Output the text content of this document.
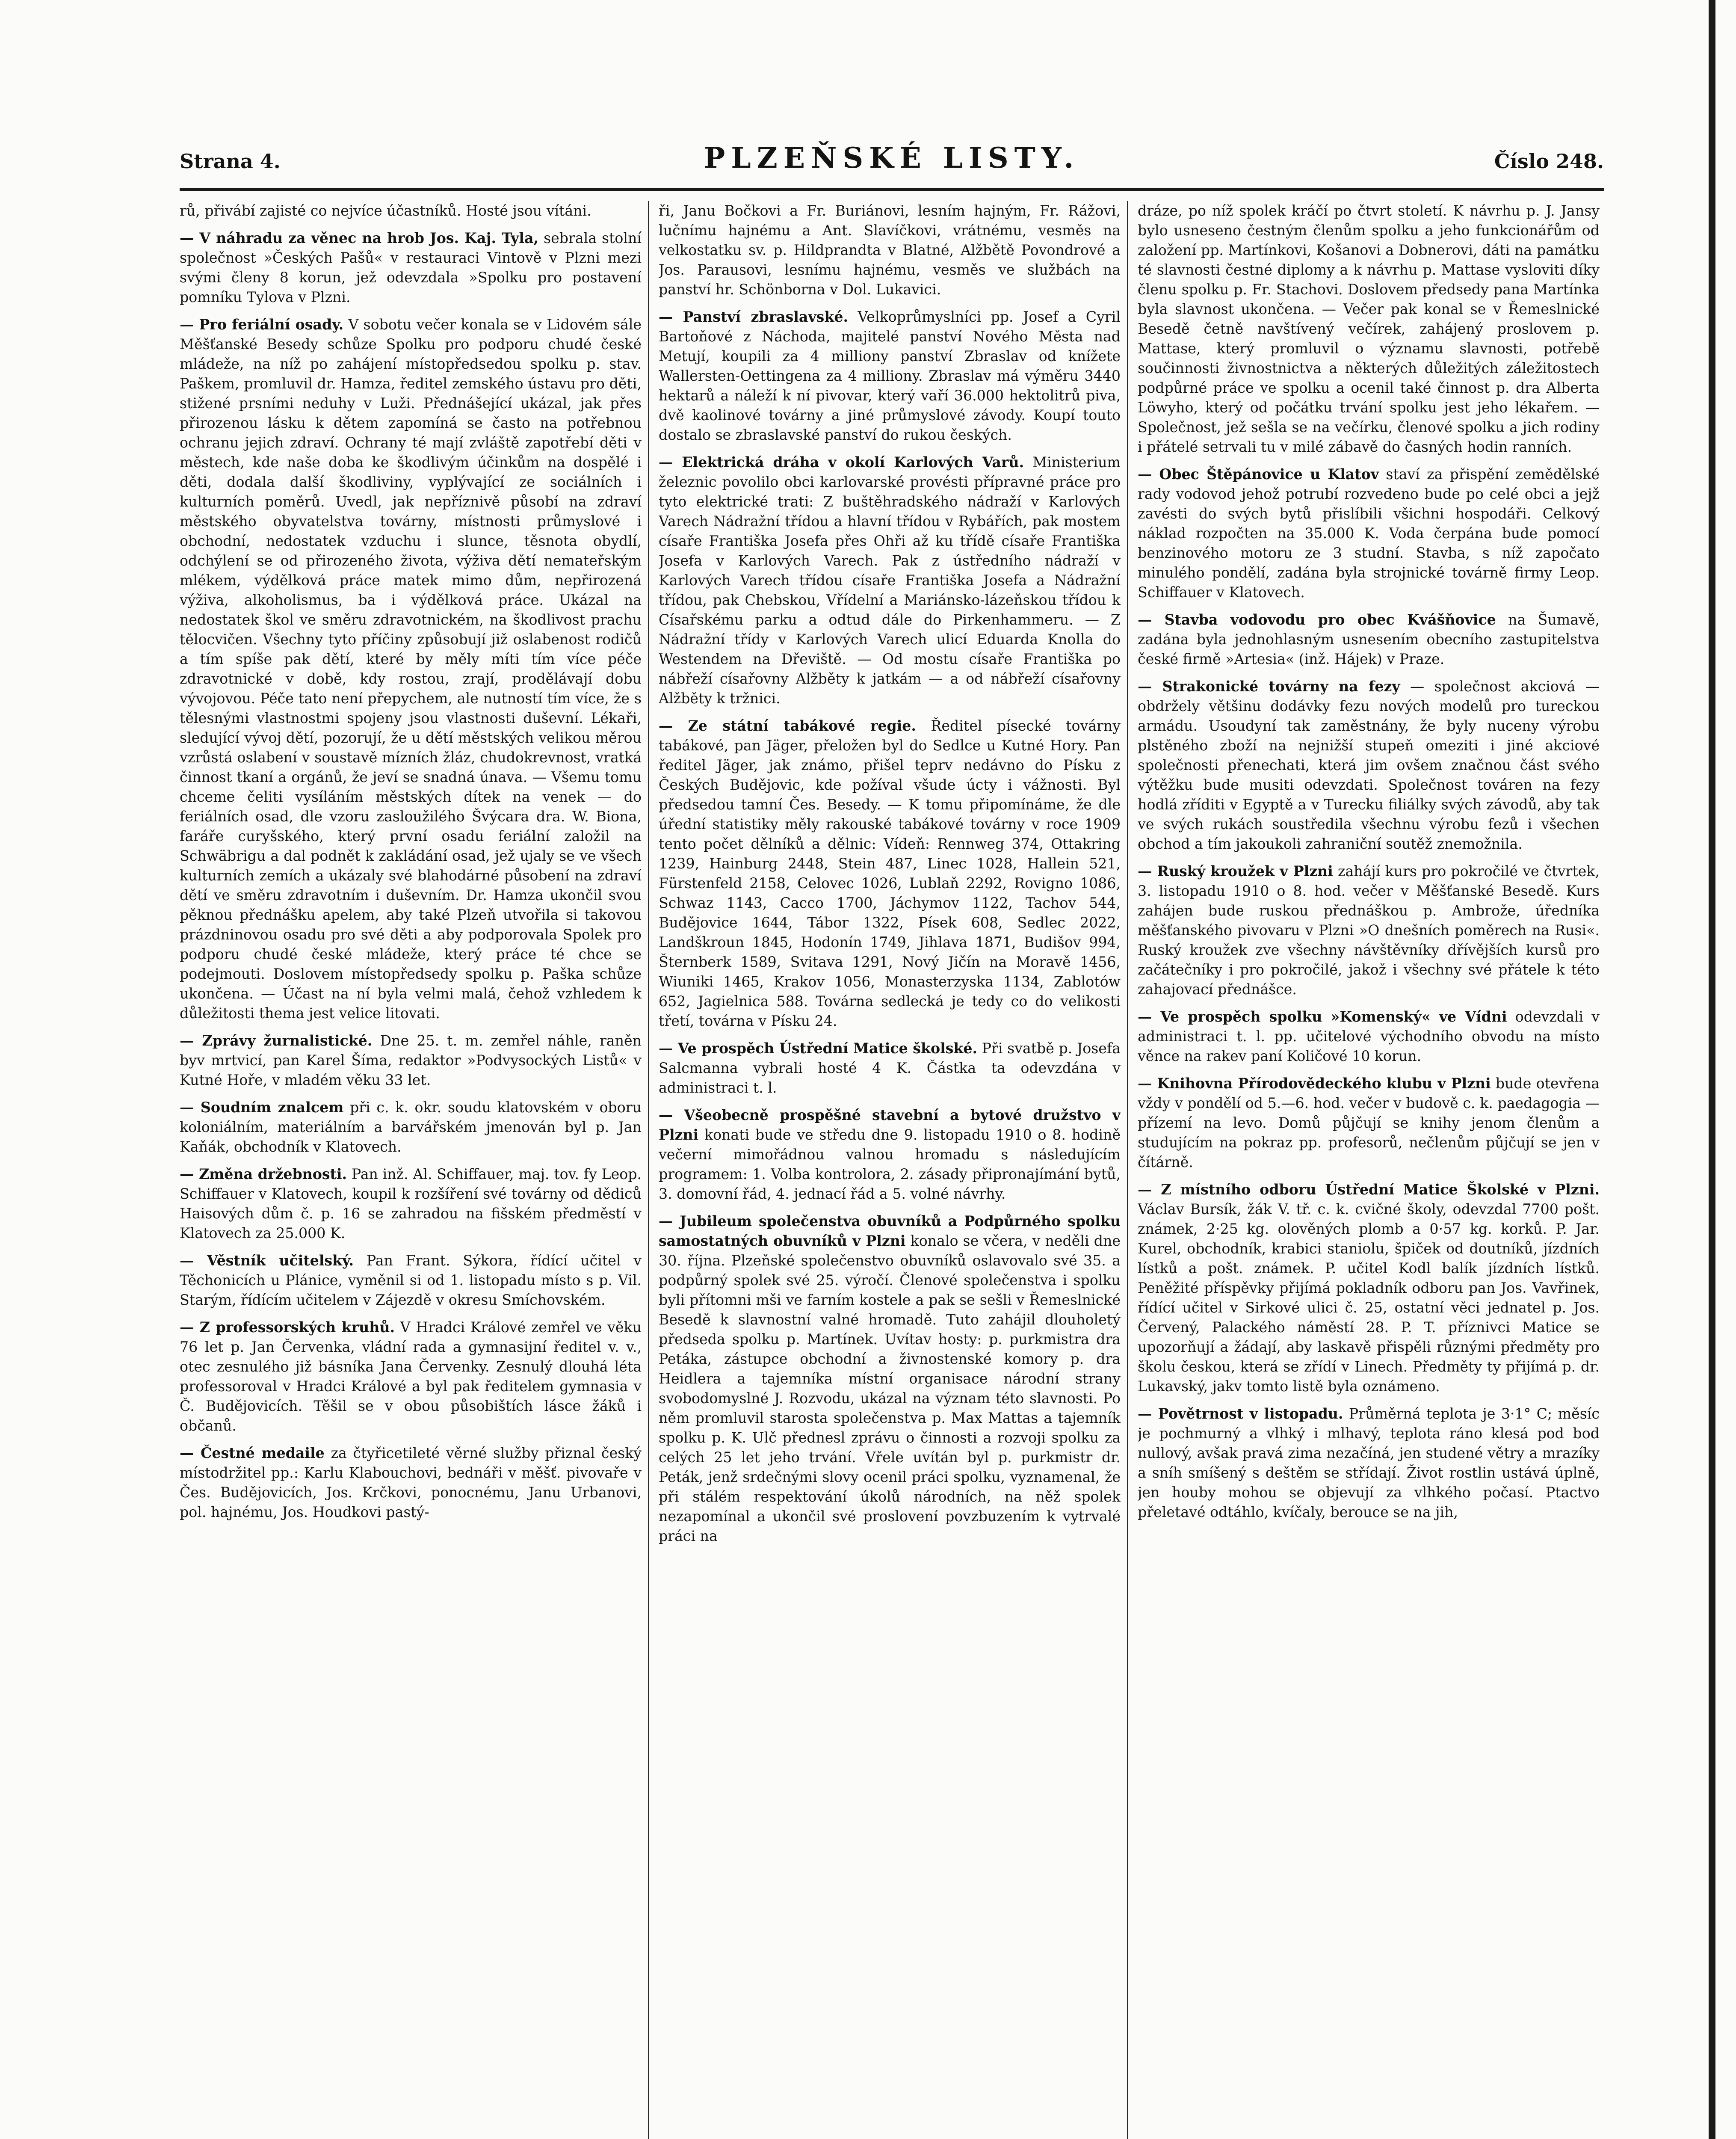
Strana 4.	PLZEŇSKÉ LISTY.	Číslo 248.

rů, přivábí zajisté co nejvíce účastníků. Hosté jsou vítáni.

— V náhradu za věnec na hrob Jos. Kaj. Tyla, sebrala stolní společnost »Českých Pašů« v restauraci Vintově v Plzni mezi svými členy 8 korun, jež odevzdala »Spolku pro postavení pomníku Tylova v Plzni.

— Pro feriální osady. V sobotu večer konala se v Lidovém sále Měšťanské Besedy schůze Spolku pro podporu chudé české mládeže, na níž po zahájení místopředsedou spolku p. stav. Paškem, promluvil dr. Hamza, ředitel zemského ústavu pro děti, stižené prsními neduhy v Luži. Přednášející ukázal, jak přes přirozenou lásku k dětem zapomíná se často na potřebnou ochranu jejich zdraví. Ochrany té mají zvláště zapotřebí děti v městech, kde naše doba ke škodlivým účinkům na dospělé i děti, dodala další škodliviny, vyplývající ze sociálních i kulturních poměrů. Uvedl, jak nepříznivě působí na zdraví městského obyvatelstva továrny, místnosti průmyslové i obchodní, nedostatek vzduchu i slunce, těsnota obydlí, odchýlení se od přirozeného života, výživa dětí nemateřským mlékem, výdělková práce matek mimo dům, nepřirozená výživa, alkoholismus, ba i výdělková práce. Ukázal na nedostatek škol ve směru zdravotnickém, na škodlivost prachu tělocvičen. Všechny tyto příčiny způsobují již oslabenost rodičů a tím spíše pak dětí, které by měly míti tím více péče zdravotnické v době, kdy rostou, zrají, prodělávají dobu vývojovou. Péče tato není přepychem, ale nutností tím více, že s tělesnými vlastnostmi spojeny jsou vlastnosti duševní. Lékaři, sledující vývoj dětí, pozorují, že u dětí městských velikou měrou vzrůstá oslabení v soustavě mízních žláz, chudokrevnost, vratká činnost tkaní a orgánů, že jeví se snadná únava. — Všemu tomu chceme čeliti vysíláním městských dítek na venek — do feriálních osad, dle vzoru zasloužilého Švýcara dra. W. Biona, faráře curyšského, který první osadu feriální založil na Schwäbrigu a dal podnět k zakládání osad, jež ujaly se ve všech kulturních zemích a ukázaly své blahodárné působení na zdraví dětí ve směru zdravotním i duševním. Dr. Hamza ukončil svou pěknou přednášku apelem, aby také Plzeň utvořila si takovou prázdninovou osadu pro své děti a aby podporovala Spolek pro podporu chudé české mládeže, který práce té chce se podejmouti. Doslovem místopředsedy spolku p. Paška schůze ukončena. — Účast na ní byla velmi malá, čehož vzhledem k důležitosti thema jest velice litovati.

— Zprávy žurnalistické. Dne 25. t. m. zemřel náhle, raněn byv mrtvicí, pan Karel Šíma, redaktor »Podvysockých Listů« v Kutné Hoře, v mladém věku 33 let.

— Soudním znalcem při c. k. okr. soudu klatovském v oboru koloniálním, materiálním a barvářském jmenován byl p. Jan Kaňák, obchodník v Klatovech.

— Změna držebnosti. Pan inž. Al. Schiffauer, maj. tov. fy Leop. Schiffauer v Klatovech, koupil k rozšíření své továrny od dědiců Haisových dům č. p. 16 se zahradou na fišském předměstí v Klatovech za 25.000 K.

— Věstník učitelský. Pan Frant. Sýkora, řídící učitel v Těchonicích u Plánice, vyměnil si od 1. listopadu místo s p. Vil. Starým, řídícím učitelem v Zájezdě v okresu Smíchovském.

— Z professorských kruhů. V Hradci Králové zemřel ve věku 76 let p. Jan Červenka, vládní rada a gymnasijní ředitel v. v., otec zesnulého již básníka Jana Červenky. Zesnulý dlouhá léta professoroval v Hradci Králové a byl pak ředitelem gymnasia v Č. Budějovicích. Těšil se v obou působištích lásce žáků i občanů.

— Čestné medaile za čtyřicetileté věrné služby přiznal český místodržitel pp.: Karlu Klabouchovi, bednáři v měšť. pivovaře v Čes. Budějovicích, Jos. Krčkovi, ponocnému, Janu Urbanovi, pol. hajnému, Jos. Houdkovi pastý-

ři, Janu Bočkovi a Fr. Buriánovi, lesním hajným, Fr. Rážovi, lučnímu hajnému a Ant. Slavíčkovi, vrátnému, vesměs na velkostatku sv. p. Hildprandta v Blatné, Alžbětě Povondrové a Jos. Parausovi, lesnímu hajnému, vesměs ve službách na panství hr. Schönborna v Dol. Lukavici.

— Panství zbraslavské. Velkoprůmyslníci pp. Josef a Cyril Bartoňové z Náchoda, majitelé panství Nového Města nad Metují, koupili za 4 milliony panství Zbraslav od knížete Wallersten-Oettingena za 4 milliony. Zbraslav má výměru 3440 hektarů a náleží k ní pivovar, který vaří 36.000 hektolitrů piva, dvě kaolinové továrny a jiné průmyslové závody. Koupí touto dostalo se zbraslavské panství do rukou českých.

— Elektrická dráha v okolí Karlových Varů. Ministerium železnic povolilo obci karlovarské provésti přípravné práce pro tyto elektrické trati: Z buštěhradského nádraží v Karlových Varech Nádražní třídou a hlavní třídou v Rybářích, pak mostem císaře Františka Josefa přes Ohři až ku třídě císaře Františka Josefa v Karlových Varech. Pak z ústředního nádraží v Karlových Varech třídou císaře Františka Josefa a Nádražní třídou, pak Chebskou, Vřídelní a Mariánsko-lázeňskou třídou k Císařskému parku a odtud dále do Pirkenhammeru. — Z Nádražní třídy v Karlových Varech ulicí Eduarda Knolla do Westendem na Dřeviště. — Od mostu císaře Františka po nábřeží císařovny Alžběty k jatkám — a od nábřeží císařovny Alžběty k tržnici.

— Ze státní tabákové regie. Ředitel písecké továrny tabákové, pan Jäger, přeložen byl do Sedlce u Kutné Hory. Pan ředitel Jäger, jak známo, přišel teprv nedávno do Písku z Českých Budějovic, kde požíval všude úcty i vážnosti. Byl předsedou tamní Čes. Besedy. — K tomu připomínáme, že dle úřední statistiky měly rakouské tabákové továrny v roce 1909 tento počet dělníků a dělnic: Vídeň: Rennweg 374, Ottakring 1239, Hainburg 2448, Stein 487, Linec 1028, Hallein 521, Fürstenfeld 2158, Celovec 1026, Lublaň 2292, Rovigno 1086, Schwaz 1143, Cacco 1700, Jáchymov 1122, Tachov 544, Budějovice 1644, Tábor 1322, Písek 608, Sedlec 2022, Landškroun 1845, Hodonín 1749, Jihlava 1871, Budišov 994, Šternberk 1589, Svitava 1291, Nový Jičín na Moravě 1456, Wiuniki 1465, Krakov 1056, Monasterzyska 1134, Zablotów 652, Jagielnica 588. Továrna sedlecká je tedy co do velikosti třetí, továrna v Písku 24.

— Ve prospěch Ústřední Matice školské. Při svatbě p. Josefa Salcmanna vybrali hosté 4 K. Částka ta odevzdána v administraci t. l.

— Všeobecně prospěšné stavební a bytové družstvo v Plzni konati bude ve středu dne 9. listopadu 1910 o 8. hodině večerní mimořádnou valnou hromadu s následujícím programem: 1. Volba kontrolora, 2. zásady připronajímání bytů, 3. domovní řád, 4. jednací řád a 5. volné návrhy.

— Jubileum společenstva obuvníků a Podpůrného spolku samostatných obuvníků v Plzni konalo se včera, v neděli dne 30. října. Plzeňské společenstvo obuvníků oslavovalo své 35. a podpůrný spolek své 25. výročí. Členové společenstva i spolku byli přítomni mši ve farním kostele a pak se sešli v Řemeslnické Besedě k slavnostní valné hromadě. Tuto zahájil dlouholetý předseda spolku p. Martínek. Uvítav hosty: p. purkmistra dra Petáka, zástupce obchodní a živnostenské komory p. dra Heidlera a tajemníka místní organisace národní strany svobodomyslné J. Rozvodu, ukázal na význam této slavnosti. Po něm promluvil starosta společenstva p. Max Mattas a tajemník spolku p. K. Ulč přednesl zprávu o činnosti a rozvoji spolku za celých 25 let jeho trvání. Vřele uvítán byl p. purkmistr dr. Peták, jenž srdečnými slovy ocenil práci spolku, vyznamenal, že při stálém respektování úkolů národních, na něž spolek nezapomínal a ukončil své proslovení povzbuzením k vytrvalé práci na

dráze, po níž spolek kráčí po čtvrt století. K návrhu p. J. Jansy bylo usneseno čestným členům spolku a jeho funkcionářům od založení pp. Martínkovi, Košanovi a Dobnerovi, dáti na památku té slavnosti čestné diplomy a k návrhu p. Mattase vysloviti díky členu spolku p. Fr. Stachovi. Doslovem předsedy pana Martínka byla slavnost ukončena. — Večer pak konal se v Řemeslnické Besedě četně navštívený večírek, zahájený proslovem p. Mattase, který promluvil o významu slavnosti, potřebě součinnosti živnostnictva a některých důležitých záležitostech podpůrné práce ve spolku a ocenil také činnost p. dra Alberta Löwyho, který od počátku trvání spolku jest jeho lékařem. — Společnost, jež sešla se na večírku, členové spolku a jich rodiny i přátelé setrvali tu v milé zábavě do časných hodin ranních.

— Obec Štěpánovice u Klatov staví za přispění zemědělské rady vodovod jehož potrubí rozvedeno bude po celé obci a jejž zavésti do svých bytů přislíbili všichni hospodáři. Celkový náklad rozpočten na 35.000 K. Voda čerpána bude pomocí benzinového motoru ze 3 studní. Stavba, s níž započato minulého pondělí, zadána byla strojnické továrně firmy Leop. Schiffauer v Klatovech.

— Stavba vodovodu pro obec Kvášňovice na Šumavě, zadána byla jednohlasným usnesením obecního zastupitelstva české firmě »Artesia« (inž. Hájek) v Praze.

— Strakonické továrny na fezy — společnost akciová — obdržely většinu dodávky fezu nových modelů pro tureckou armádu. Usoudyní tak zaměstnány, že byly nuceny výrobu plstěného zboží na nejnižší stupeň omeziti i jiné akciové společnosti přenechati, která jim ovšem značnou část svého výtěžku bude musiti odevzdati. Společnost továren na fezy hodlá zříditi v Egyptě a v Turecku filiálky svých závodů, aby tak ve svých rukách soustředila všechnu výrobu fezů i všechen obchod a tím jakoukoli zahraniční soutěž znemožnila.

— Ruský kroužek v Plzni zahájí kurs pro pokročilé ve čtvrtek, 3. listopadu 1910 o 8. hod. večer v Měšťanské Besedě. Kurs zahájen bude ruskou přednáškou p. Ambrože, úředníka měšťanského pivovaru v Plzni »O dnešních poměrech na Rusi«. Ruský kroužek zve všechny návštěvníky dřívějších kursů pro začátečníky i pro pokročilé, jakož i všechny své přátele k této zahajovací přednášce.

— Ve prospěch spolku »Komenský« ve Vídni odevzdali v administraci t. l. pp. učitelové východního obvodu na místo věnce na rakev paní Količové 10 korun.

— Knihovna Přírodovědeckého klubu v Plzni bude otevřena vždy v pondělí od 5.—6. hod. večer v budově c. k. paedagogia — přízemí na levo. Domů půjčují se knihy jenom členům a studujícím na pokraz pp. profesorů, nečlenům půjčují se jen v čítárně.

— Z místního odboru Ústřední Matice Školské v Plzni. Václav Bursík, žák V. tř. c. k. cvičné školy, odevzdal 7700 pošt. známek, 2·25 kg. olověných plomb a 0·57 kg. korků. P. Jar. Kurel, obchodník, krabici staniolu, špiček od doutníků, jízdních lístků a pošt. známek. P. učitel Kodl balík jízdních lístků. Peněžité příspěvky přijímá pokladník odboru pan Jos. Vavřinek, řídící učitel v Sirkové ulici č. 25, ostatní věci jednatel p. Jos. Červený, Palackého náměstí 28. P. T. příznivci Matice se upozorňují a žádají, aby laskavě přispěli různými předměty pro školu českou, která se zřídí v Linech. Předměty ty přijímá p. dr. Lukavský, jakv tomto listě byla oznámeno.

— Povětrnost v listopadu. Průměrná teplota je 3·1° C; měsíc je pochmurný a vlhký i mlhavý, teplota ráno klesá pod bod nullový, avšak pravá zima nezačíná, jen studené větry a mrazíky a sníh smíšený s deštěm se střídají. Život rostlin ustává úplně, jen houby mohou se objevují za vlhkého počasí. Ptactvo přeletavé odtáhlo, kvíčaly, berouce se na jih,
